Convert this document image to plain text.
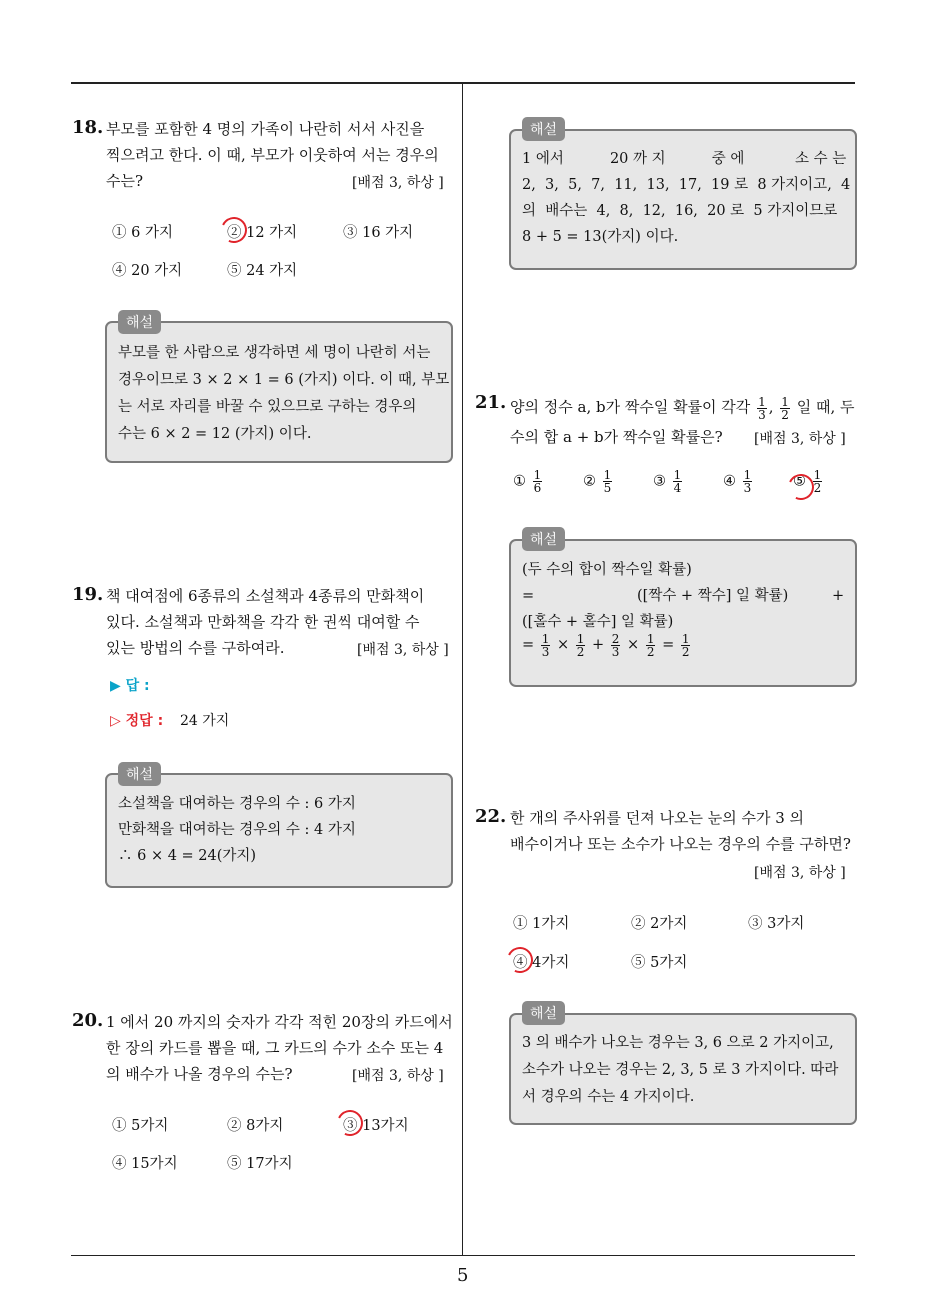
5
18. 부모를 포함한 4 명의 가족이 나란히 서서 사진을
찍으려고 한다. 이 때, 부모가 이웃하여 서는 경우의
수는?	[배점 3, 하상 ]
① 6 가지	② 12 가지	③ 16 가지
④ 20 가지	⑤ 24 가지
해설
부모를 한 사람으로 생각하면 세 명이 나란히 서는
경우이므로 3 × 2 × 1 = 6 (가지) 이다. 이 때, 부모
는 서로 자리를 바꿀 수 있으므로 구하는 경우의
수는 6 × 2 = 12 (가지) 이다.
19. 책 대여점에 6종류의 소설책과 4종류의 만화책이
있다. 소설책과 만화책을 각각 한 권씩 대여할 수
있는 방법의 수를 구하여라.	[배점 3, 하상 ]
▶ 답 :
▷ 정답 : 24 가지
해설
소설책을 대여하는 경우의 수 : 6 가지
만화책을 대여하는 경우의 수 : 4 가지
∴ 6 × 4 = 24(가지)
20. 1 에서 20 까지의 숫자가 각각 적힌 20장의 카드에서
한 장의 카드를 뽑을 때, 그 카드의 수가 소수 또는 4
의 배수가 나올 경우의 수는?	[배점 3, 하상 ]
① 5가지	② 8가지	③ 13가지
④ 15가지	⑤ 17가지
해설
1 에서          20 까 지          중 에           소 수 는
2,  3,  5,  7,  11,  13,  17,  19 로  8 가지이고,  4
의  배수는  4,  8,  12,  16,  20 로  5 가지이므로
8 + 5 = 13(가지) 이다.
21. 양의 정수 a, b가 짝수일 확률이 각각 $\frac{1}{3}$ , $\frac{1}{2}$ 일 때, 두
수의 합 a + b가 짝수일 확률은? [배점 3, 하상 ]
① $\frac{1}{6}$	② $\frac{1}{5}$	③ $\frac{1}{4}$	④ $\frac{1}{3}$	⑤ $\frac{1}{2}$
해설
(두 수의 합이 짝수일 확률)
=	([짝수 + 짝수] 일 확률)	+
([홀수 + 홀수] 일 확률)
= $\frac{1}{3} \times \frac{1}{2} + \frac{2}{3} \times \frac{1}{2} = \frac{1}{2}$
22. 한 개의 주사위를 던져 나오는 눈의 수가 3 의
배수이거나 또는 소수가 나오는 경우의 수를 구하면?
[배점 3, 하상 ]
① 1가지	② 2가지	③ 3가지
④ 4가지	⑤ 5가지
해설
3 의 배수가 나오는 경우는 3, 6 으로 2 가지이고,
소수가 나오는 경우는 2, 3, 5 로 3 가지이다. 따라
서 경우의 수는 4 가지이다.
